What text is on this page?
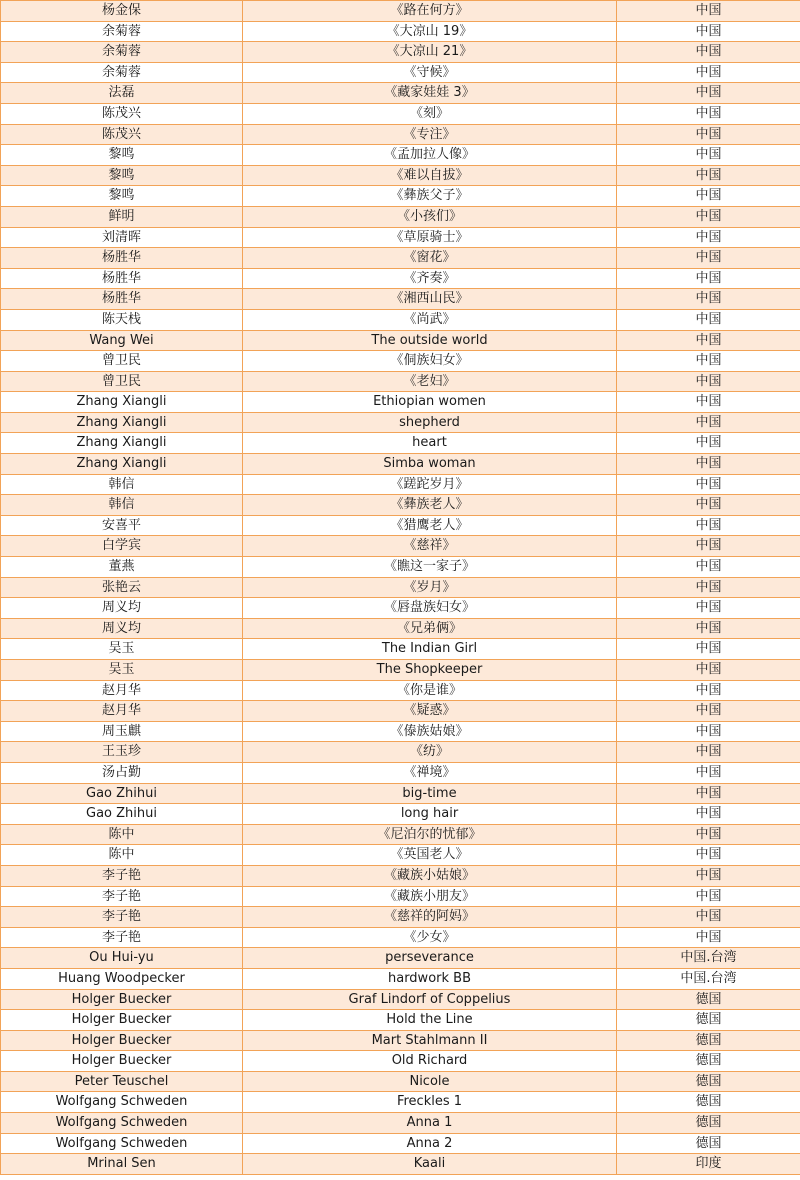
杨金保	《路在何方》	中国
余菊蓉	《大凉山 19》	中国
余菊蓉	《大凉山 21》	中国
余菊蓉	《守候》	中国
法磊	《藏家娃娃 3》	中国
陈茂兴	《刻》	中国
陈茂兴	《专注》	中国
黎鸣	《孟加拉人像》	中国
黎鸣	《难以自拔》	中国
黎鸣	《彝族父子》	中国
鲜明	《小孩们》	中国
刘清晖	《草原骑士》	中国
杨胜华	《窗花》	中国
杨胜华	《齐奏》	中国
杨胜华	《湘西山民》	中国
陈天栈	《尚武》	中国
Wang Wei	The outside world	中国
曾卫民	《侗族妇女》	中国
曾卫民	《老妇》	中国
Zhang Xiangli	Ethiopian women	中国
Zhang Xiangli	shepherd	中国
Zhang Xiangli	heart	中国
Zhang Xiangli	Simba woman	中国
韩信	《蹉跎岁月》	中国
韩信	《彝族老人》	中国
安喜平	《猎鹰老人》	中国
白学宾	《慈祥》	中国
董燕	《瞧这一家子》	中国
张艳云	《岁月》	中国
周义均	《唇盘族妇女》	中国
周义均	《兄弟俩》	中国
吴玉	The Indian Girl	中国
吴玉	The Shopkeeper	中国
赵月华	《你是谁》	中国
赵月华	《疑惑》	中国
周玉麒	《傣族姑娘》	中国
王玉珍	《纺》	中国
汤占勤	《禅境》	中国
Gao Zhihui	big-time	中国
Gao Zhihui	long hair	中国
陈中	《尼泊尔的忧郁》	中国
陈中	《英国老人》	中国
李子艳	《藏族小姑娘》	中国
李子艳	《藏族小朋友》	中国
李子艳	《慈祥的阿妈》	中国
李子艳	《少女》	中国
Ou Hui-yu	perseverance	中国.台湾
Huang Woodpecker	hardwork BB	中国.台湾
Holger Buecker	Graf Lindorf of Coppelius	德国
Holger Buecker	Hold the Line	德国
Holger Buecker	Mart Stahlmann II	德国
Holger Buecker	Old Richard	德国
Peter Teuschel	Nicole	德国
Wolfgang Schweden	Freckles 1	德国
Wolfgang Schweden	Anna 1	德国
Wolfgang Schweden	Anna 2	德国
Mrinal Sen	Kaali	印度
